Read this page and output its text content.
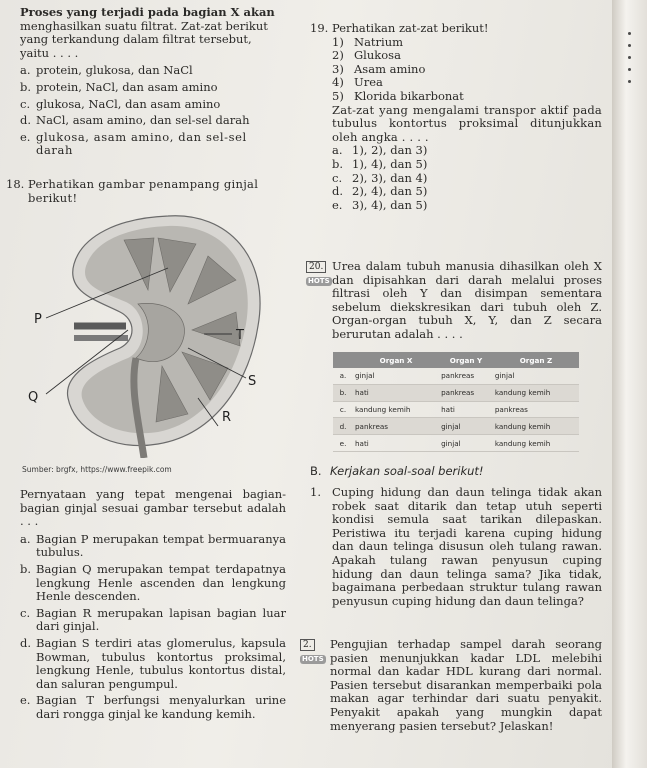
Proses yang terjadi pada bagian X akan

menghasilkan suatu filtrat. Zat-zat berikut

yang terkandung dalam filtrat tersebut,

yaitu . . . .

a. protein, glukosa, dan NaCl
b. protein, NaCl, dan asam amino
c. glukosa, NaCl, dan asam amino
d. NaCl, asam amino, dan sel-sel darah
e. glukosa, asam amino, dan sel-sel darah
18. Perhatikan gambar penampang ginjal berikut!
P
Q
T
S
R
Sumber: brgfx, https://www.freepik.com

Pernyataan yang tepat mengenai bagian-bagian ginjal sesuai gambar tersebut adalah . . .

a. Bagian P merupakan tempat bermuaranya tubulus.
b. Bagian Q merupakan tempat terdapatnya lengkung Henle ascenden dan lengkung Henle descenden.
c. Bagian R merupakan lapisan bagian luar dari ginjal.
d. Bagian S terdiri atas glomerulus, kapsula Bowman, tubulus kontortus proksimal, lengkung Henle, tubulus kontortus distal, dan saluran pengumpul.
e. Bagian T berfungsi menyalurkan urine dari rongga ginjal ke kandung kemih.
19. Perhatikan zat-zat berikut!
1) Natrium
2) Glukosa
3) Asam amino
4) Urea
5) Klorida bikarbonat

Zat-zat yang mengalami transpor aktif pada tubulus kontortus proksimal ditunjukkan oleh angka . . . .

a. 1), 2), dan 3)
b. 1), 4), dan 5)
c. 2), 3), dan 4)
d. 2), 4), dan 5)
e. 3), 4), dan 5)
20.
HOTS
Urea dalam tubuh manusia dihasilkan oleh X dan dipisahkan dari darah melalui proses filtrasi oleh Y dan disimpan sementara sebelum diekskresikan dari tubuh oleh Z. Organ-organ tubuh X, Y, dan Z secara berurutan adalah . . . .
	Organ X	Organ Y	Organ Z
a.	ginjal	pankreas	ginjal
b.	hati	pankreas	kandung kemih
c.	kandung kemih	hati	pankreas
d.	pankreas	ginjal	kandung kemih
e.	hati	ginjal	kandung kemih
B. Kerjakan soal-soal berikut!
1. Cuping hidung dan daun telinga tidak akan robek saat ditarik dan tetap utuh seperti kondisi semula saat tarikan dilepaskan. Peristiwa itu terjadi karena cuping hidung dan daun telinga disusun oleh tulang rawan. Apakah tulang rawan penyusun cuping hidung dan daun telinga sama? Jika tidak, bagaimana perbedaan struktur tulang rawan penyusun cuping hidung dan daun telinga?
2.
HOTS
Pengujian terhadap sampel darah seorang pasien menunjukkan kadar LDL melebihi normal dan kadar HDL kurang dari normal. Pasien tersebut disarankan memperbaiki pola makan agar terhindar dari suatu penyakit. Penyakit apakah yang mungkin dapat menyerang pasien tersebut? Jelaskan!
